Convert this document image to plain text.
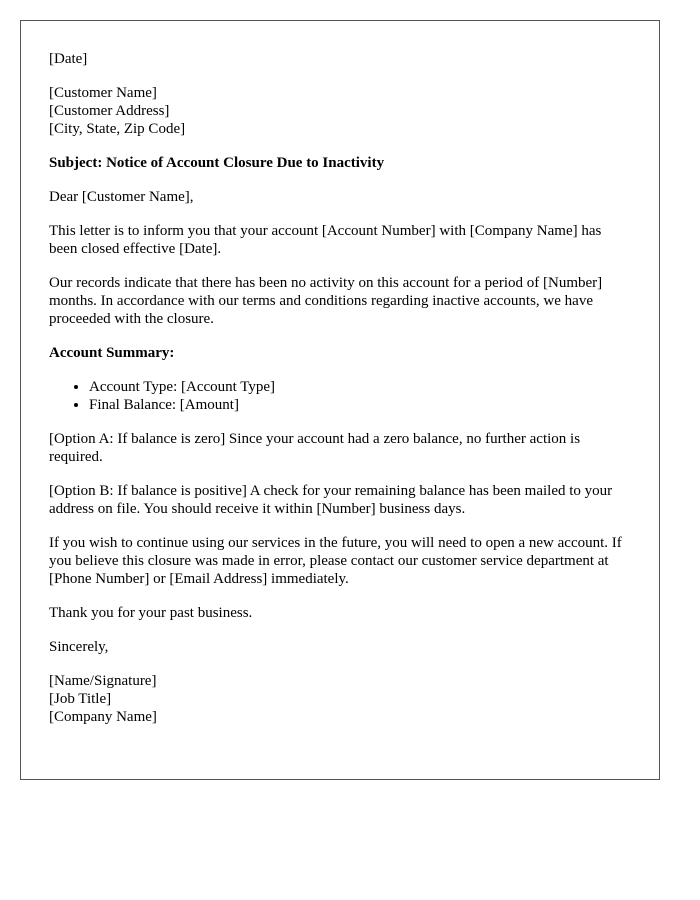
[Date]

[Customer Name]
[Customer Address]
[City, State, Zip Code]

Subject: Notice of Account Closure Due to Inactivity

Dear [Customer Name],

This letter is to inform you that your account [Account Number] with [Company Name] has been closed effective [Date].

Our records indicate that there has been no activity on this account for a period of [Number] months. In accordance with our terms and conditions regarding inactive accounts, we have proceeded with the closure.

Account Summary:

• Account Type: [Account Type]
• Final Balance: [Amount]

[Option A: If balance is zero] Since your account had a zero balance, no further action is required.

[Option B: If balance is positive] A check for your remaining balance has been mailed to your address on file. You should receive it within [Number] business days.

If you wish to continue using our services in the future, you will need to open a new account. If you believe this closure was made in error, please contact our customer service department at [Phone Number] or [Email Address] immediately.

Thank you for your past business.

Sincerely,

[Name/Signature]
[Job Title]
[Company Name]
